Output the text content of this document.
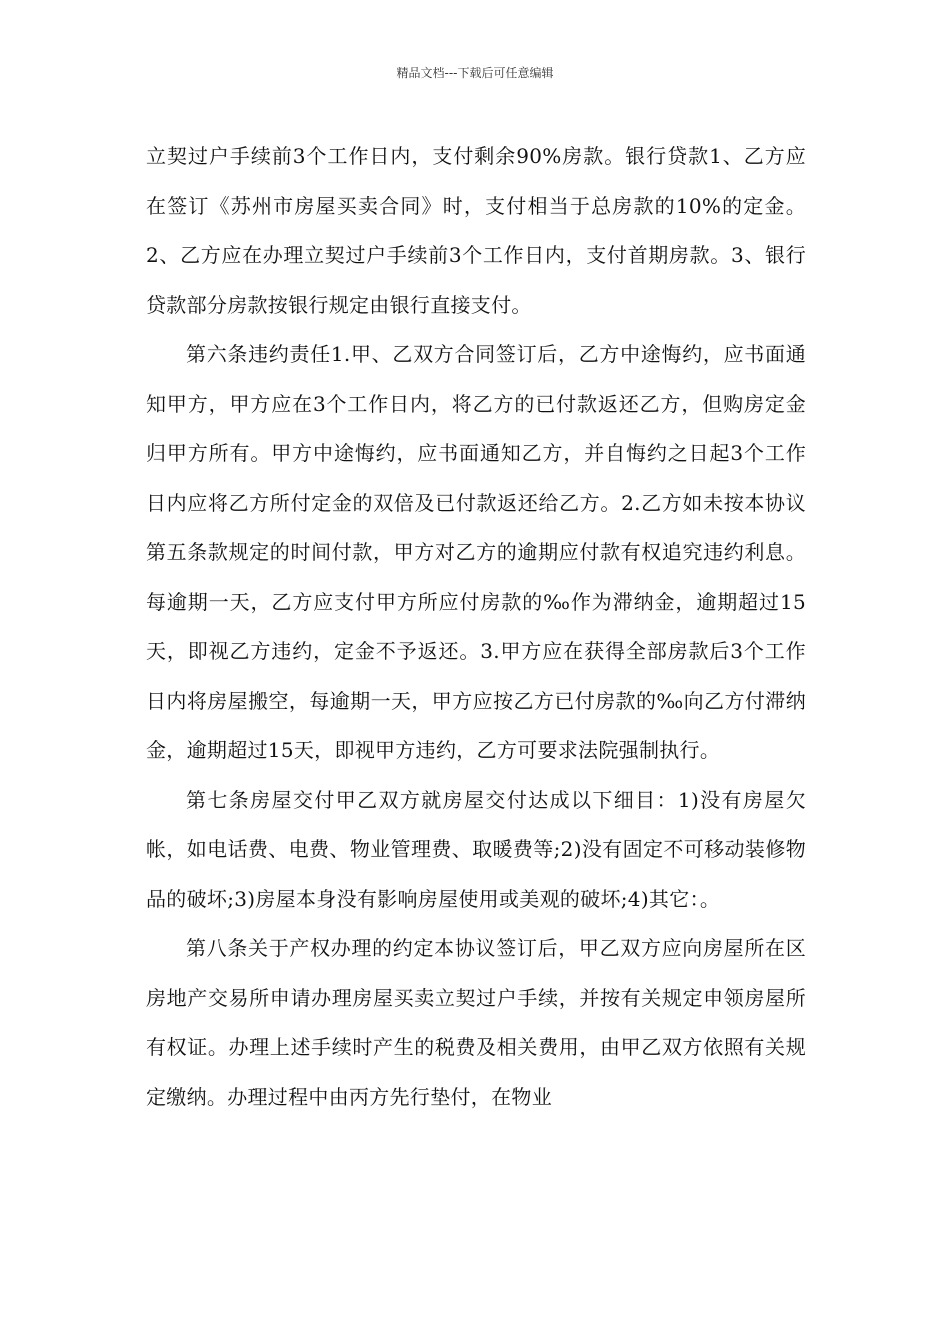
精品文档---下载后可任意编辑

立契过户手续前3个工作日内，支付剩余90%房款。银行贷款1、乙方应在签订《苏州市房屋买卖合同》时，支付相当于总房款的10%的定金。2、乙方应在办理立契过户手续前3个工作日内，支付首期房款。3、银行贷款部分房款按银行规定由银行直接支付。

第六条违约责任1.甲、乙双方合同签订后，乙方中途悔约，应书面通知甲方，甲方应在3个工作日内，将乙方的已付款返还乙方，但购房定金归甲方所有。甲方中途悔约，应书面通知乙方，并自悔约之日起3个工作日内应将乙方所付定金的双倍及已付款返还给乙方。2.乙方如未按本协议第五条款规定的时间付款，甲方对乙方的逾期应付款有权追究违约利息。每逾期一天，乙方应支付甲方所应付房款的‰作为滞纳金，逾期超过15天，即视乙方违约，定金不予返还。3.甲方应在获得全部房款后3个工作日内将房屋搬空，每逾期一天，甲方应按乙方已付房款的‰向乙方付滞纳金，逾期超过15天，即视甲方违约，乙方可要求法院强制执行。

第七条房屋交付甲乙双方就房屋交付达成以下细目：1)没有房屋欠帐，如电话费、电费、物业管理费、取暖费等;2)没有固定不可移动装修物品的破坏;3)房屋本身没有影响房屋使用或美观的破坏;4)其它：。

第八条关于产权办理的约定本协议签订后，甲乙双方应向房屋所在区房地产交易所申请办理房屋买卖立契过户手续，并按有关规定申领房屋所有权证。办理上述手续时产生的税费及相关费用，由甲乙双方依照有关规定缴纳。办理过程中由丙方先行垫付，在物业
